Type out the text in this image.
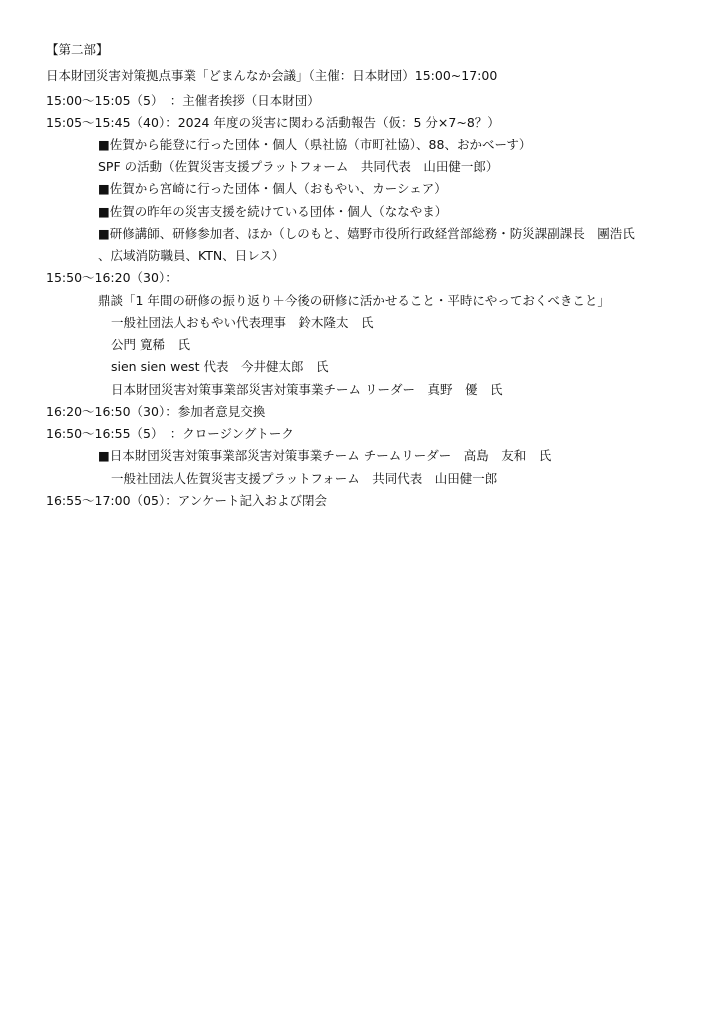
【第二部】
日本財団災害対策拠点事業「どまんなか会議」（主催：日本財団）15:00~17:00
15:00～15:05（5）　：主催者挨拶（日本財団）
15:05～15:45（40）：2024 年度の災害に関わる活動報告（仮：5 分×7~8？）
■佐賀から能登に行った団体・個人（県社協（市町社協）、88、おかべーす）
SPF の活動（佐賀災害支援プラットフォーム　共同代表　山田健一郎）
■佐賀から宮崎に行った団体・個人（おもやい、カーシェア）
■佐賀の昨年の災害支援を続けている団体・個人（ななやま）
■研修講師、研修参加者、ほか（しのもと、嬉野市役所行政経営部総務・防災課副課長　團浩氏
、広域消防職員、KTN、日レス）
15:50～16:20（30）：
鼎談「1 年間の研修の振り返り＋今後の研修に活かせること・平時にやっておくべきこと」
一般社団法人おもやい代表理事　鈴木隆太　氏
公門 寛稀　氏
sien sien west 代表　今井健太郎　氏
日本財団災害対策事業部災害対策事業チーム リーダー　真野　優　氏
16:20～16:50（30）：参加者意見交換
16:50～16:55（5）　：クロージングトーク
■日本財団災害対策事業部災害対策事業チーム チームリーダー　高島　友和　氏
一般社団法人佐賀災害支援プラットフォーム　共同代表　山田健一郎
16:55～17:00（05）：アンケート記入および閉会
